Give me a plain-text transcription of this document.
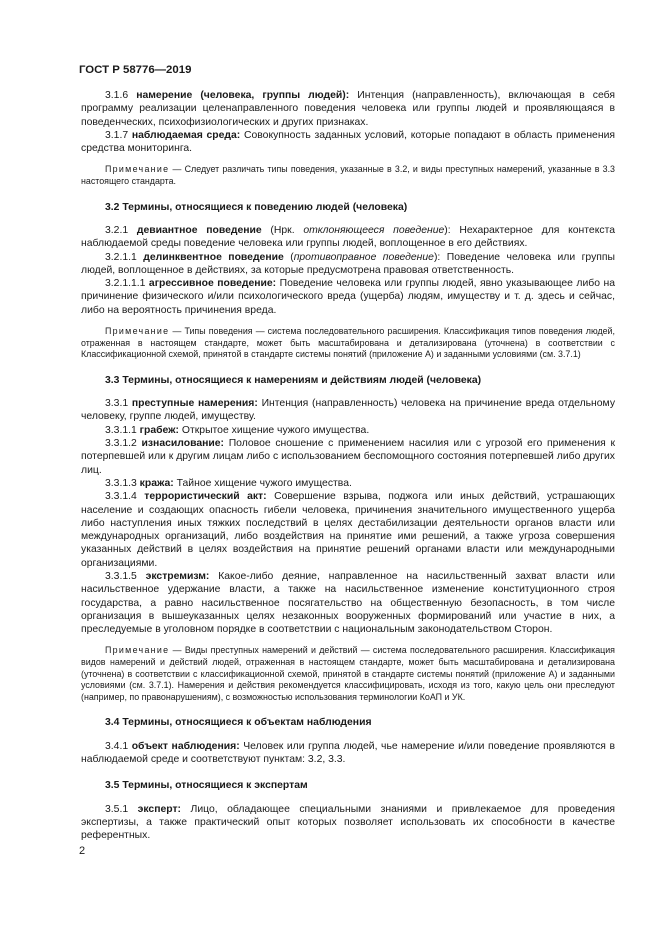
ГОСТ Р 58776—2019

3.1.6 намерение (человека, группы людей): Интенция (направленность), включающая в себя программу реализации целенаправленного поведения человека или группы людей и проявляющаяся в поведенческих, психофизиологических и других признаках.

3.1.7 наблюдаемая среда: Совокупность заданных условий, которые попадают в область применения средства мониторинга.

Примечание — Следует различать типы поведения, указанные в 3.2, и виды преступных намерений, указанные в 3.3 настоящего стандарта.

3.2 Термины, относящиеся к поведению людей (человека)

3.2.1 девиантное поведение (Нрк. отклоняющееся поведение): Нехарактерное для контекста наблюдаемой среды поведение человека или группы людей, воплощенное в его действиях.

3.2.1.1 делинквентное поведение (противоправное поведение): Поведение человека или группы людей, воплощенное в действиях, за которые предусмотрена правовая ответственность.

3.2.1.1.1 агрессивное поведение: Поведение человека или группы людей, явно указывающее либо на причинение физического и/или психологического вреда (ущерба) людям, имуществу и т. д. здесь и сейчас, либо на вероятность причинения вреда.

Примечание — Типы поведения — система последовательного расширения. Классификация типов поведения людей, отраженная в настоящем стандарте, может быть масштабирована и детализирована (уточнена) в соответствии с Классификационной схемой, принятой в стандарте системы понятий (приложение А) и заданными условиями (см. 3.7.1)

3.3 Термины, относящиеся к намерениям и действиям людей (человека)

3.3.1 преступные намерения: Интенция (направленность) человека на причинение вреда отдельному человеку, группе людей, имуществу.

3.3.1.1 грабеж: Открытое хищение чужого имущества.

3.3.1.2 изнасилование: Половое сношение с применением насилия или с угрозой его применения к потерпевшей или к другим лицам либо с использованием беспомощного состояния потерпевшей либо других лиц.

3.3.1.3 кража: Тайное хищение чужого имущества.

3.3.1.4 террористический акт: Совершение взрыва, поджога или иных действий, устрашающих население и создающих опасность гибели человека, причинения значительного имущественного ущерба либо наступления иных тяжких последствий в целях дестабилизации деятельности органов власти или международных организаций, либо воздействия на принятие ими решений, а также угроза совершения указанных действий в целях воздействия на принятие решений органами власти или международными организациями.

3.3.1.5 экстремизм: Какое-либо деяние, направленное на насильственный захват власти или насильственное удержание власти, а также на насильственное изменение конституционного строя государства, а равно насильственное посягательство на общественную безопасность, в том числе организация в вышеуказанных целях незаконных вооруженных формирований или участие в них, а преследуемые в уголовном порядке в соответствии с национальным законодательством Сторон.

Примечание — Виды преступных намерений и действий — система последовательного расширения. Классификация видов намерений и действий людей, отраженная в настоящем стандарте, может быть масштабирована и детализирована (уточнена) в соответствии с классификационной схемой, принятой в стандарте системы понятий (приложение А) и заданными условиями (см. 3.7.1). Намерения и действия рекомендуется классифицировать, исходя из того, какую цель они преследуют (например, по правонарушениям), с возможностью использования терминологии КоАП и УК.

3.4 Термины, относящиеся к объектам наблюдения

3.4.1 объект наблюдения: Человек или группа людей, чье намерение и/или поведение проявляются в наблюдаемой среде и соответствуют пунктам: 3.2, 3.3.

3.5 Термины, относящиеся к экспертам

3.5.1 эксперт: Лицо, обладающее специальными знаниями и привлекаемое для проведения экспертизы, а также практический опыт которых позволяет использовать их способности в качестве референтных.

2
